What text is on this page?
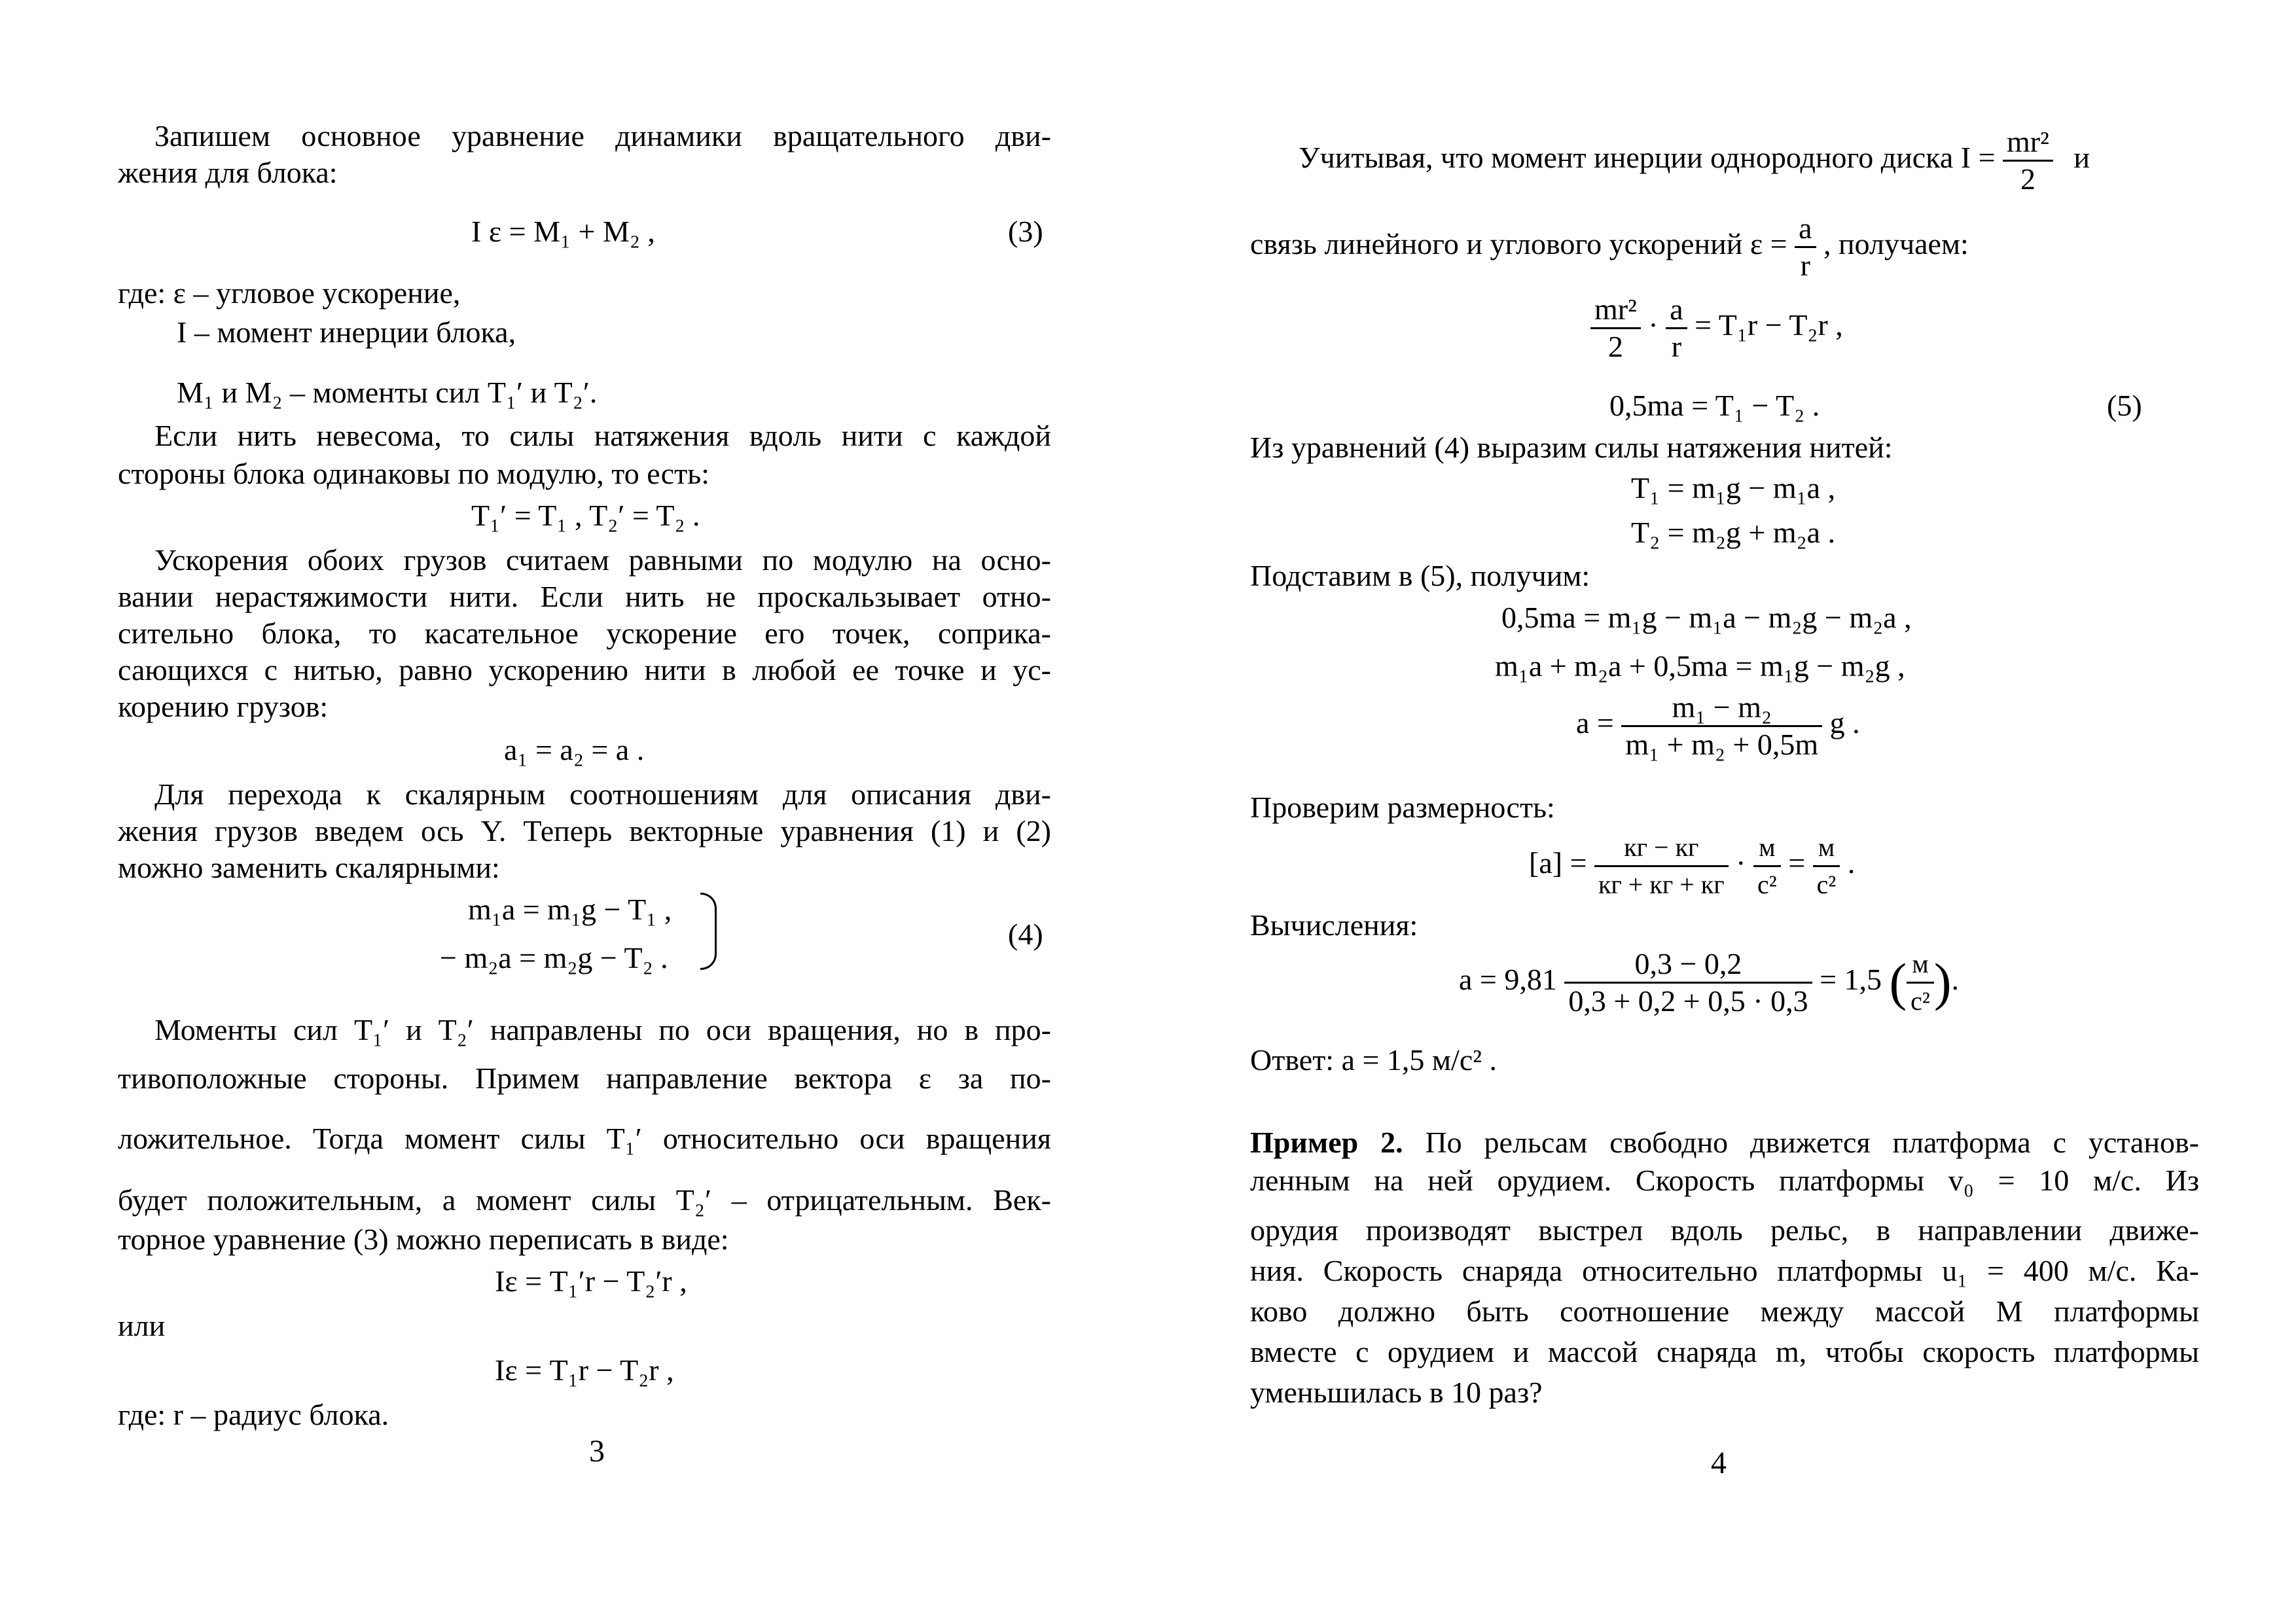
Запишем основное уравнение динамики вращательного дви-
жения для блока:
I ε = M₁ + M₂ ,	(3)
где: ε – угловое ускорение,
I – момент инерции блока,
M₁ и M₂ – моменты сил T₁′ и T₂′.
Если нить невесома, то силы натяжения вдоль нити с каждой
стороны блока одинаковы по модулю, то есть:
T₁′ = T₁ , T₂′ = T₂ .
Ускорения обоих грузов считаем равными по модулю на осно-
вании нерастяжимости нити. Если нить не проскальзывает отно-
сительно блока, то касательное ускорение его точек, соприка-
сающихся с нитью, равно ускорению нити в любой ее точке и ус-
корению грузов:
a₁ = a₂ = a .
Для перехода к скалярным соотношениям для описания дви-
жения грузов введем ось Y. Теперь векторные уравнения (1) и (2)
можно заменить скалярными:
m₁a = m₁g − T₁ ,
− m₂a = m₂g − T₂ .
(4)
Моменты сил T₁′ и T₂′ направлены по оси вращения, но в про-
тивоположные стороны. Примем направление вектора ε за по-
ложительное. Тогда момент силы T₁′ относительно оси вращения
будет положительным, а момент силы T₂′ – отрицательным. Век-
торное уравнение (3) можно переписать в виде:
Iε = T₁′r − T₂′r ,
или
Iε = T₁r − T₂r ,
где: r – радиус блока.
3
Учитывая, что момент инерции однородного диска $I = \frac{\text{mr²}}{2}$ и
связь линейного и углового ускорений $\varepsilon = \frac{a}{r}$ , получаем:
$\frac{\text{mr²}}{2} \cdot \frac{a}{r} = T_1r - T_2r$ ,
0,5ma = T₁ − T₂ .	(5)
Из уравнений (4) выразим силы натяжения нитей:
T₁ = m₁g − m₁a ,
T₂ = m₂g + m₂a .
Подставим в (5), получим:
0,5ma = m₁g − m₁a − m₂g − m₂a ,
m₁a + m₂a + 0,5ma = m₁g − m₂g ,
$a = \frac{\text{m₁ − m₂}}{\text{m₁ + m₂ + 0,5m}}$ g .
Проверим размерность:
$[a] = \frac{кг - кг}{кг + кг + кг} \cdot \frac{м}{\text{с²}} = \frac{м}{\text{с²}}$ .
Вычисления:
$a = 9,81 \frac{0,3 - 0,2}{0,3 + 0,2 + 0,5 \cdot 0,3} = 1,5$ ( $\frac{м}{\text{с²}}$ ).
Ответ: a = 1,5 м/с² .
Пример 2. По рельсам свободно движется платформа с установ-
ленным на ней орудием. Скорость платформы v₀ = 10 м/с. Из
орудия производят выстрел вдоль рельс, в направлении движе-
ния. Скорость снаряда относительно платформы u₁ = 400 м/с. Ка-
ково должно быть соотношение между массой М платформы
вместе с орудием и массой снаряда m, чтобы скорость платформы
уменьшилась в 10 раз?
4
